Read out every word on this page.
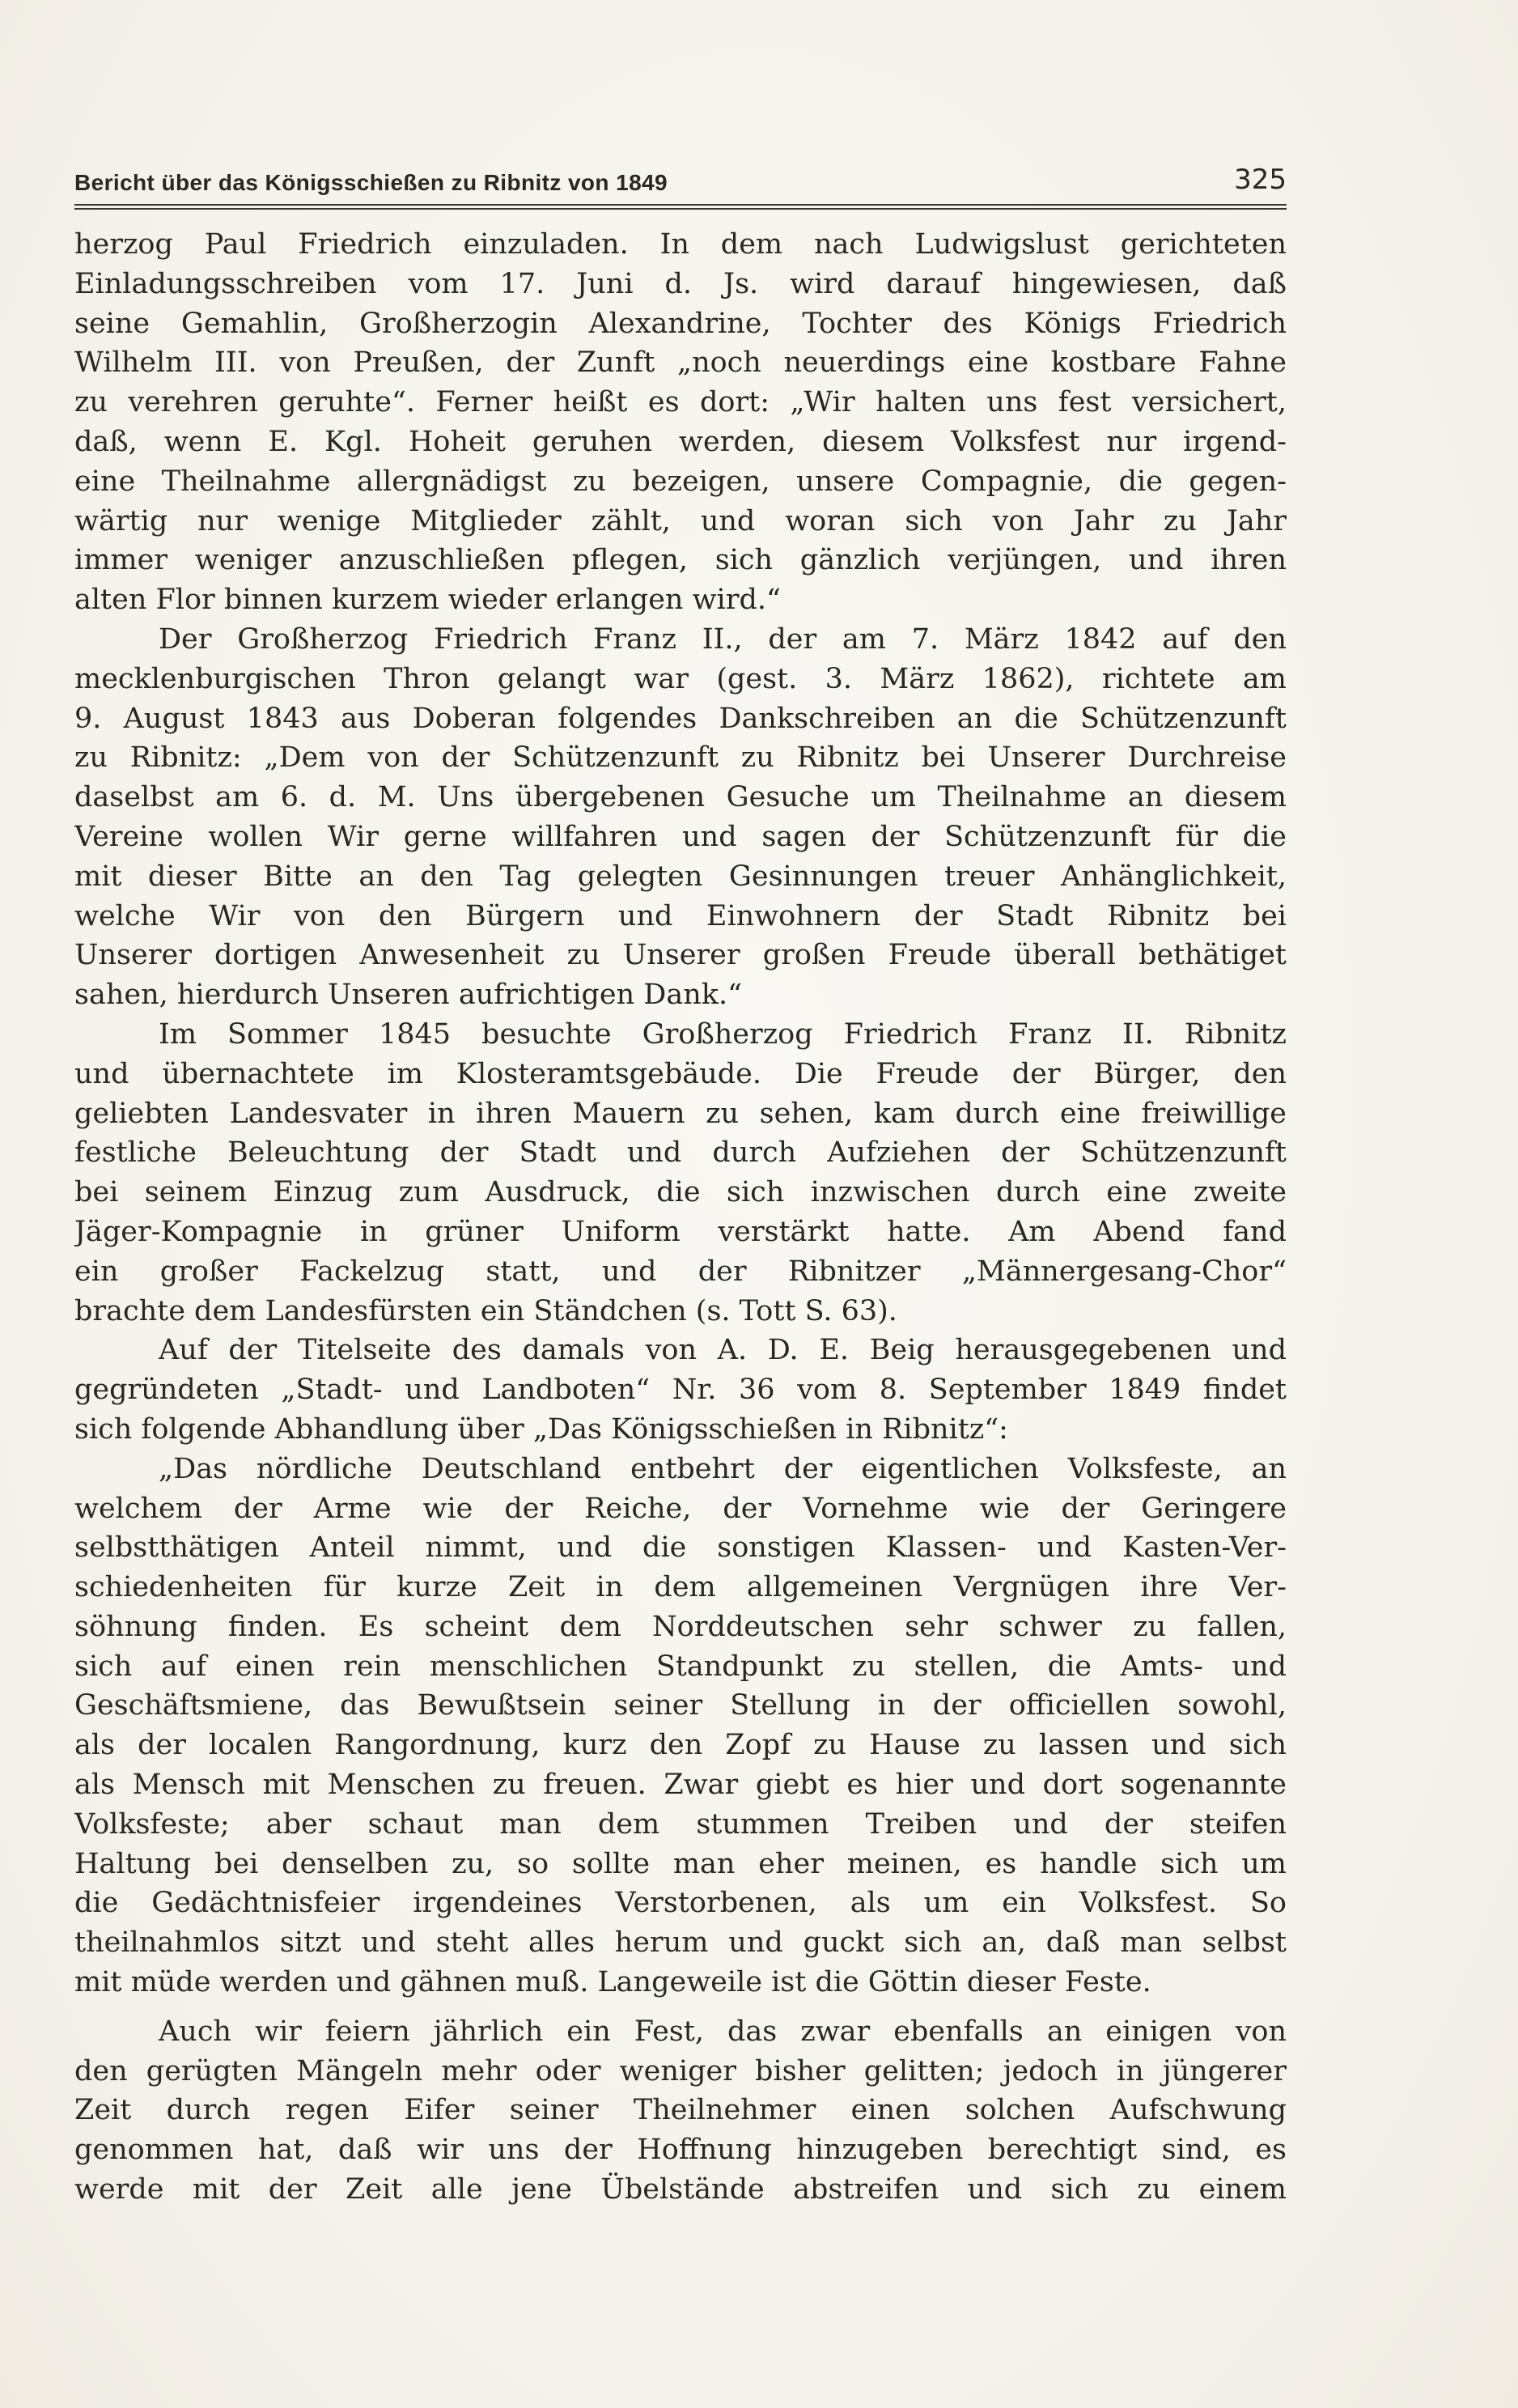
Bericht über das Königsschießen zu Ribnitz von 1849	325
herzog Paul Friedrich einzuladen. In dem nach Ludwigslust gerichteten
Einladungsschreiben vom 17. Juni d. Js. wird darauf hingewiesen, daß
seine Gemahlin, Großherzogin Alexandrine, Tochter des Königs Friedrich
Wilhelm III. von Preußen, der Zunft „noch neuerdings eine kostbare Fahne
zu verehren geruhte“. Ferner heißt es dort: „Wir halten uns fest versichert,
daß, wenn E. Kgl. Hoheit geruhen werden, diesem Volksfest nur irgend-
eine Theilnahme allergnädigst zu bezeigen, unsere Compagnie, die gegen-
wärtig nur wenige Mitglieder zählt, und woran sich von Jahr zu Jahr
immer weniger anzuschließen pflegen, sich gänzlich verjüngen, und ihren
alten Flor binnen kurzem wieder erlangen wird.“
Der Großherzog Friedrich Franz II., der am 7. März 1842 auf den
mecklenburgischen Thron gelangt war (gest. 3. März 1862), richtete am
9. August 1843 aus Doberan folgendes Dankschreiben an die Schützenzunft
zu Ribnitz: „Dem von der Schützenzunft zu Ribnitz bei Unserer Durchreise
daselbst am 6. d. M. Uns übergebenen Gesuche um Theilnahme an diesem
Vereine wollen Wir gerne willfahren und sagen der Schützenzunft für die
mit dieser Bitte an den Tag gelegten Gesinnungen treuer Anhänglichkeit,
welche Wir von den Bürgern und Einwohnern der Stadt Ribnitz bei
Unserer dortigen Anwesenheit zu Unserer großen Freude überall bethätiget
sahen, hierdurch Unseren aufrichtigen Dank.“
Im Sommer 1845 besuchte Großherzog Friedrich Franz II. Ribnitz
und übernachtete im Klosteramtsgebäude. Die Freude der Bürger, den
geliebten Landesvater in ihren Mauern zu sehen, kam durch eine freiwillige
festliche Beleuchtung der Stadt und durch Aufziehen der Schützenzunft
bei seinem Einzug zum Ausdruck, die sich inzwischen durch eine zweite
Jäger-Kompagnie in grüner Uniform verstärkt hatte. Am Abend fand
ein großer Fackelzug statt, und der Ribnitzer „Männergesang-Chor“
brachte dem Landesfürsten ein Ständchen (s. Tott S. 63).
Auf der Titelseite des damals von A. D. E. Beig herausgegebenen und
gegründeten „Stadt- und Landboten“ Nr. 36 vom 8. September 1849 findet
sich folgende Abhandlung über „Das Königsschießen in Ribnitz“:
„Das nördliche Deutschland entbehrt der eigentlichen Volksfeste, an
welchem der Arme wie der Reiche, der Vornehme wie der Geringere
selbstthätigen Anteil nimmt, und die sonstigen Klassen- und Kasten-Ver-
schiedenheiten für kurze Zeit in dem allgemeinen Vergnügen ihre Ver-
söhnung finden. Es scheint dem Norddeutschen sehr schwer zu fallen,
sich auf einen rein menschlichen Standpunkt zu stellen, die Amts- und
Geschäftsmiene, das Bewußtsein seiner Stellung in der officiellen sowohl,
als der localen Rangordnung, kurz den Zopf zu Hause zu lassen und sich
als Mensch mit Menschen zu freuen. Zwar giebt es hier und dort sogenannte
Volksfeste; aber schaut man dem stummen Treiben und der steifen
Haltung bei denselben zu, so sollte man eher meinen, es handle sich um
die Gedächtnisfeier irgendeines Verstorbenen, als um ein Volksfest. So
theilnahmlos sitzt und steht alles herum und guckt sich an, daß man selbst
mit müde werden und gähnen muß. Langeweile ist die Göttin dieser Feste.
Auch wir feiern jährlich ein Fest, das zwar ebenfalls an einigen von
den gerügten Mängeln mehr oder weniger bisher gelitten; jedoch in jüngerer
Zeit durch regen Eifer seiner Theilnehmer einen solchen Aufschwung
genommen hat, daß wir uns der Hoffnung hinzugeben berechtigt sind, es
werde mit der Zeit alle jene Übelstände abstreifen und sich zu einem
